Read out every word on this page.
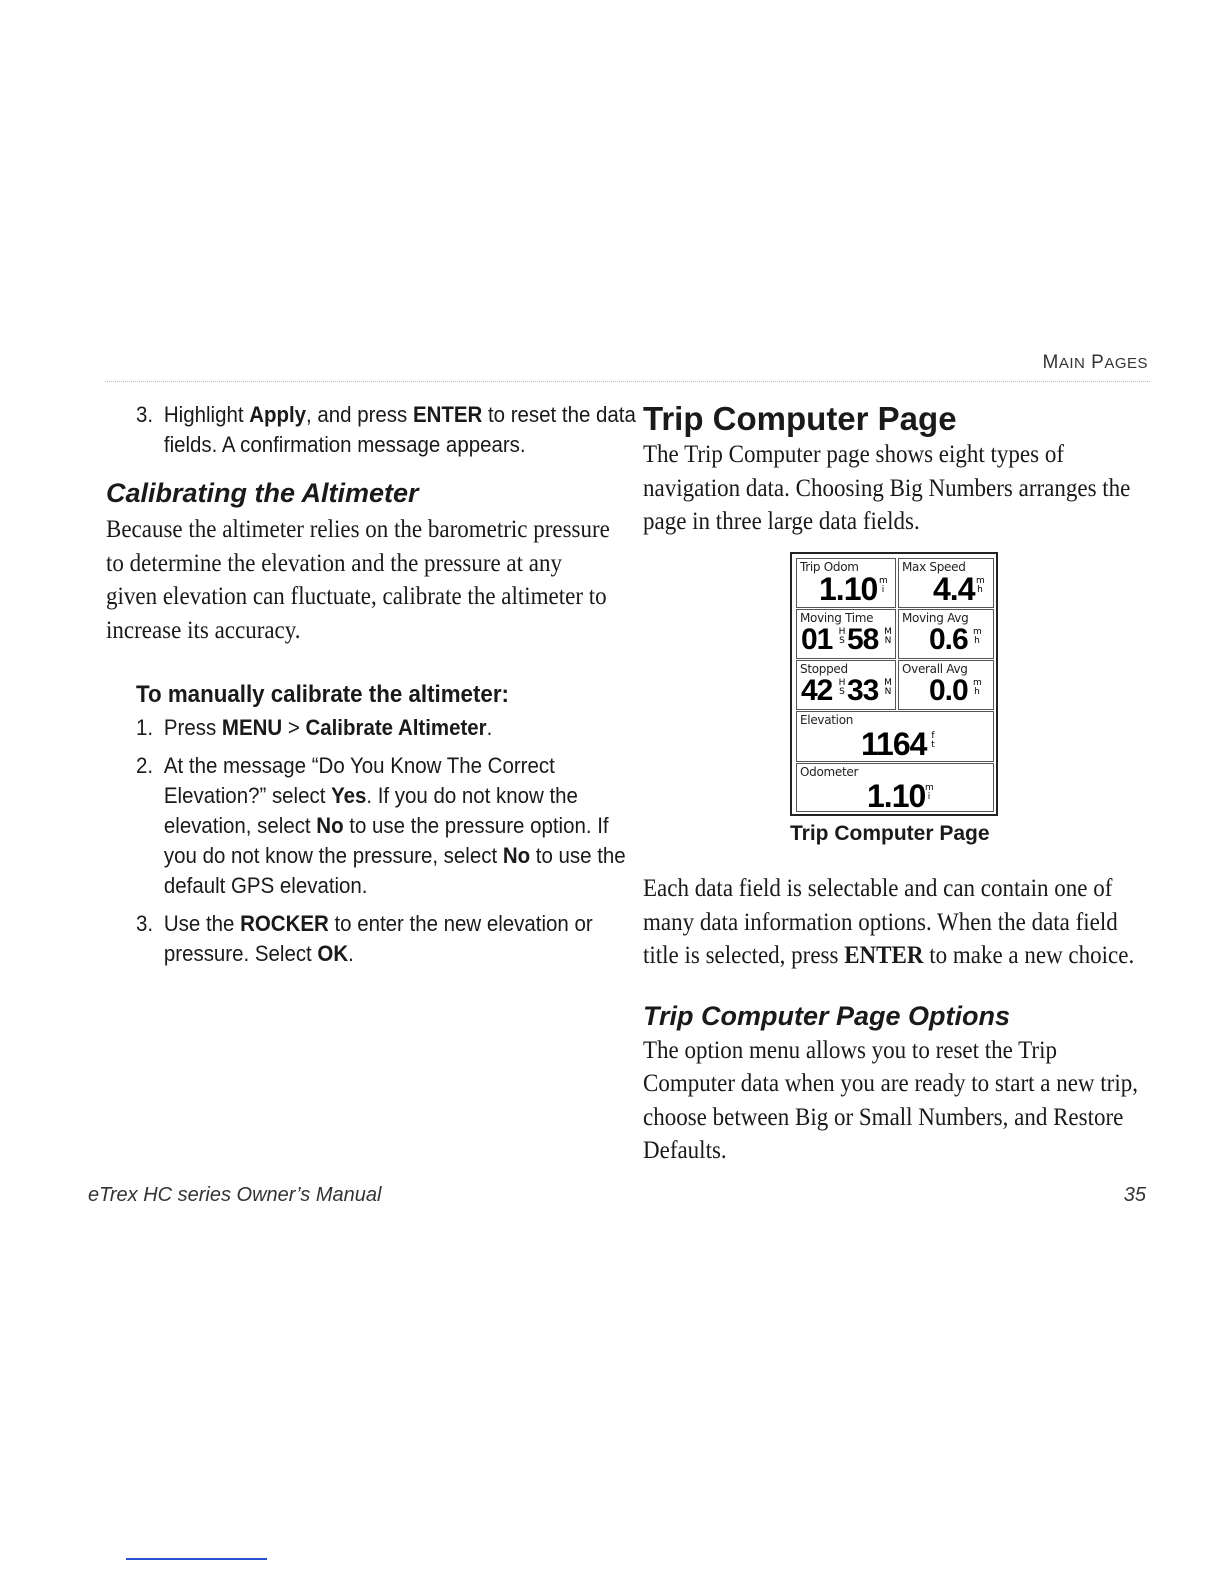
MAIN PAGES
3. Highlight Apply, and press ENTER to reset the data fields. A confirmation message appears.
Calibrating the Altimeter

Because the altimeter relies on the barometric pressure to determine the elevation and the pressure at any given elevation can fluctuate, calibrate the altimeter to increase its accuracy.

To manually calibrate the altimeter:
1. Press MENU > Calibrate Altimeter.
2. At the message “Do You Know The Correct Elevation?” select Yes. If you do not know the elevation, select No to use the pressure option. If you do not know the pressure, select No to use the default GPS elevation.
3. Use the ROCKER to enter the new elevation or pressure. Select OK.
Trip Computer Page

The Trip Computer page shows eight types of navigation data. Choosing Big Numbers arranges the page in three large data fields.

Trip Odom
1.10 m
i
Max Speed
4.4 m
h
Moving Time
01 H
S 58 M
N
Moving Avg
0.6 m
h
Stopped
42 H
S 33 M
N
Overall Avg
0.0 m
h
Elevation
1164 f
t
Odometer
1.10 m
i
Trip Computer Page

Each data field is selectable and can contain one of many data information options. When the data field title is selected, press ENTER to make a new choice.

Trip Computer Page Options

The option menu allows you to reset the Trip Computer data when you are ready to start a new trip, choose between Big or Small Numbers, and Restore Defaults.

eTrex HC series Owner’s Manual	35
